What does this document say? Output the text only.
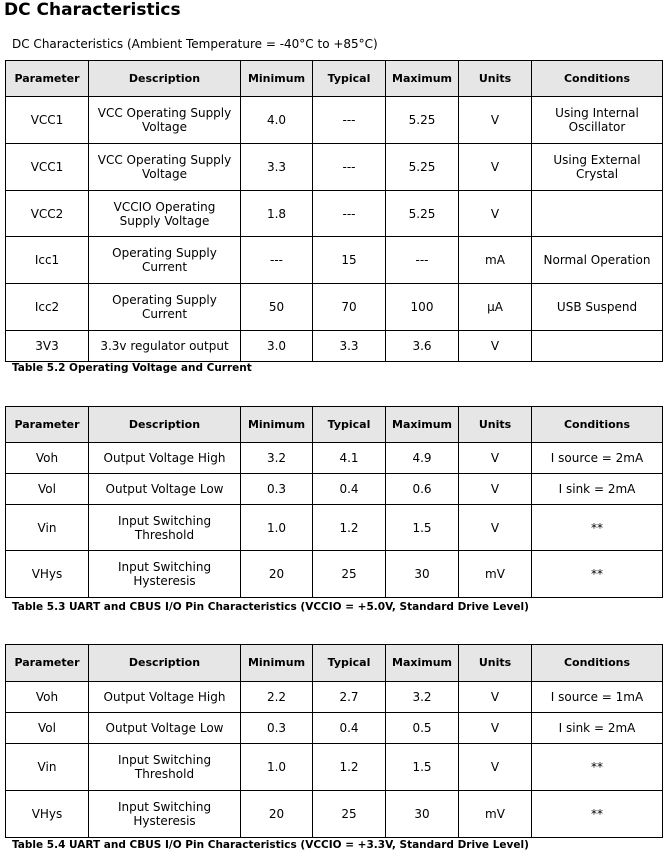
DC Characteristics
DC Characteristics (Ambient Temperature = -40°C to +85°C)
Parameter	Description	Minimum	Typical	Maximum	Units	Conditions
VCC1	VCC Operating Supply Voltage	4.0	---	5.25	V	Using Internal Oscillator
VCC1	VCC Operating Supply Voltage	3.3	---	5.25	V	Using External Crystal
VCC2	VCCIO Operating Supply Voltage	1.8	---	5.25	V	
Icc1	Operating Supply Current	---	15	---	mA	Normal Operation
Icc2	Operating Supply Current	50	70	100	μA	USB Suspend
3V3	3.3v regulator output	3.0	3.3	3.6	V	
Table 5.2 Operating Voltage and Current
Parameter	Description	Minimum	Typical	Maximum	Units	Conditions
Voh	Output Voltage High	3.2	4.1	4.9	V	I source = 2mA
Vol	Output Voltage Low	0.3	0.4	0.6	V	I sink = 2mA
Vin	Input Switching Threshold	1.0	1.2	1.5	V	**
VHys	Input Switching Hysteresis	20	25	30	mV	**
Table 5.3 UART and CBUS I/O Pin Characteristics (VCCIO = +5.0V, Standard Drive Level)
Parameter	Description	Minimum	Typical	Maximum	Units	Conditions
Voh	Output Voltage High	2.2	2.7	3.2	V	I source = 1mA
Vol	Output Voltage Low	0.3	0.4	0.5	V	I sink = 2mA
Vin	Input Switching Threshold	1.0	1.2	1.5	V	**
VHys	Input Switching Hysteresis	20	25	30	mV	**
Table 5.4 UART and CBUS I/O Pin Characteristics (VCCIO = +3.3V, Standard Drive Level)
